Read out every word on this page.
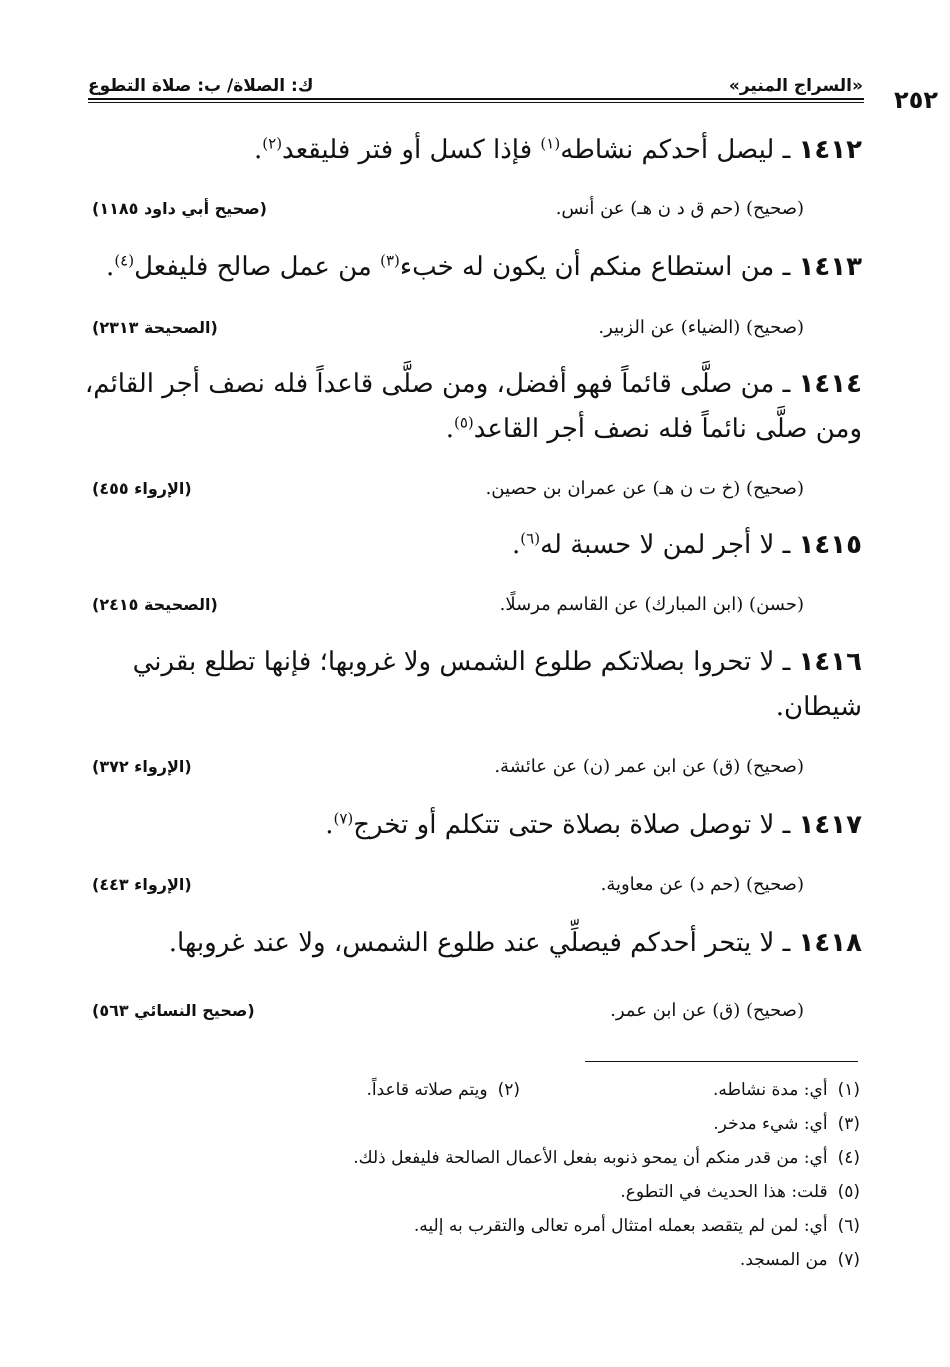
ك: الصلاة/ ب: صلاة التطوع	«السراج المنير»	٢٥٢
١٤١٢ ـ ليصل أحدكم نشاطه$^{(١)}$ فإذا كسل أو فتر فليقعد$^{(٢)}$.
(صحيح) (حم ق د ن هـ) عن أنس.
(صحيح أبي داود ١١٨٥)
١٤١٣ ـ من استطاع منكم أن يكون له خبء$^{(٣)}$ من عمل صالح فليفعل$^{(٤)}$.
(صحيح) (الضياء) عن الزبير.
(الصحيحة ٢٣١٣)
١٤١٤ ـ من صلَّى قائماً فهو أفضل، ومن صلَّى قاعداً فله نصف أجر القائم، ومن صلَّى نائماً فله نصف أجر القاعد$^{(٥)}$.
(صحيح) (خ ت ن هـ) عن عمران بن حصين.
(الإرواء ٤٥٥)
١٤١٥ ـ لا أجر لمن لا حسبة له$^{(٦)}$.
(حسن) (ابن المبارك) عن القاسم مرسلًا.
(الصحيحة ٢٤١٥)
١٤١٦ ـ لا تحروا بصلاتكم طلوع الشمس ولا غروبها؛ فإنها تطلع بقرني شيطان.
(صحيح) (ق) عن ابن عمر (ن) عن عائشة.
(الإرواء ٣٧٢)
١٤١٧ ـ لا توصل صلاة بصلاة حتى تتكلم أو تخرج$^{(٧)}$.
(صحيح) (حم د) عن معاوية.
(الإرواء ٤٤٣)
١٤١٨ ـ لا يتحر أحدكم فيصلِّي عند طلوع الشمس، ولا عند غروبها.
(صحيح) (ق) عن ابن عمر.
(صحيح النسائي ٥٦٣)
(١)أي: مدة نشاطه.
(٢)ويتم صلاته قاعداً.
(٣)
أي: شيء مدخر.
(٤)
أي: من قدر منكم أن يمحو ذنوبه بفعل الأعمال الصالحة فليفعل ذلك.
(٥)
قلت: هذا الحديث في التطوع.
(٦)
أي: لمن لم يتقصد بعمله امتثال أمره تعالى والتقرب به إليه.
(٧)
من المسجد.
